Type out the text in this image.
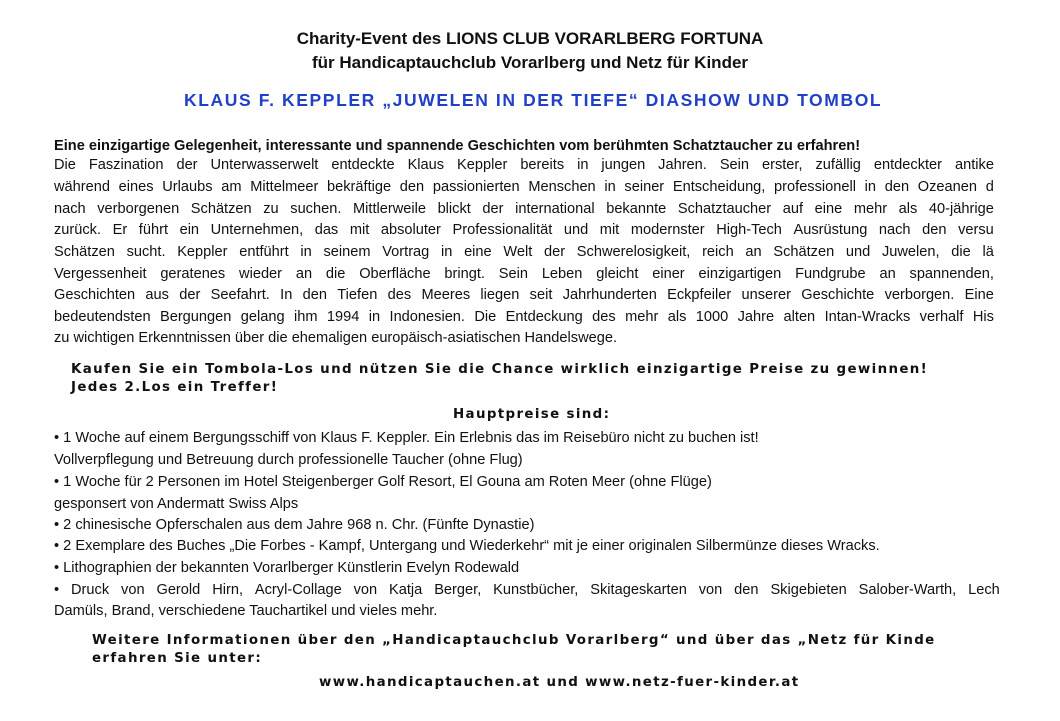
Charity-Event des LIONS CLUB VORARLBERG FORTUNA
für Handicaptauchclub Vorarlberg und Netz für Kinder
KLAUS F. KEPPLER „JUWELEN IN DER TIEFE“ DIASHOW UND TOMBOL
Eine einzigartige Gelegenheit, interessante und spannende Geschichten vom berühmten Schatztaucher zu erfahren!
Die Faszination der Unterwasserwelt entdeckte Klaus Keppler bereits in jungen Jahren. Sein erster, zufällig entdeckter antike
während eines Urlaubs am Mittelmeer bekräftige den passionierten Menschen in seiner Entscheidung, professionell in den Ozeanen d
nach verborgenen Schätzen zu suchen. Mittlerweile blickt der international bekannte Schatztaucher auf eine mehr als 40-jährige
zurück. Er führt ein Unternehmen, das mit absoluter Professionalität und mit modernster High-Tech Ausrüstung nach den versu
Schätzen sucht. Keppler entführt in seinem Vortrag in eine Welt der Schwerelosigkeit, reich an Schätzen und Juwelen, die lä
Vergessenheit geratenes wieder an die Oberfläche bringt. Sein Leben gleicht einer einzigartigen Fundgrube an spannenden,
Geschichten aus der Seefahrt. In den Tiefen des Meeres liegen seit Jahrhunderten Eckpfeiler unserer Geschichte verborgen. Eine
bedeutendsten Bergungen gelang ihm 1994 in Indonesien. Die Entdeckung des mehr als 1000 Jahre alten Intan-Wracks verhalf His
zu wichtigen Erkenntnissen über die ehemaligen europäisch-asiatischen Handelswege.
Kaufen Sie ein Tombola-Los und nützen Sie die Chance wirklich einzigartige Preise zu gewinnen!
Jedes 2.Los ein Treffer!
Hauptpreise sind:
• 1 Woche auf einem Bergungsschiff von Klaus F. Keppler. Ein Erlebnis das im Reisebüro nicht zu buchen ist!
Vollverpflegung und Betreuung durch professionelle Taucher (ohne Flug)
• 1 Woche für 2 Personen im Hotel Steigenberger Golf Resort, El Gouna am Roten Meer (ohne Flüge)
gesponsert von Andermatt Swiss Alps
• 2 chinesische Opferschalen aus dem Jahre 968 n. Chr. (Fünfte Dynastie)
• 2 Exemplare des Buches „Die Forbes - Kampf, Untergang und Wiederkehr“ mit je einer originalen Silbermünze dieses Wracks.
• Lithographien der bekannten Vorarlberger Künstlerin Evelyn Rodewald
• Druck von Gerold Hirn, Acryl-Collage von Katja Berger, Kunstbücher, Skitageskarten von den Skigebieten Salober-Warth, Lech
Damüls, Brand, verschiedene Tauchartikel und vieles mehr.
Weitere Informationen über den „Handicaptauchclub Vorarlberg“ und über das „Netz für Kinde
erfahren Sie unter:
www.handicaptauchen.at und www.netz-fuer-kinder.at
